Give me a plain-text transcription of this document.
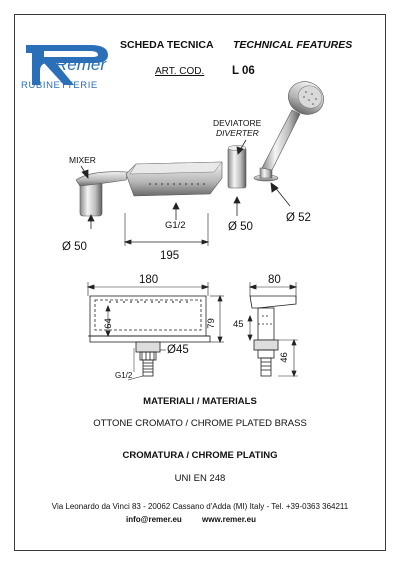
Remer
RUBINETTERIE
SCHEDA TECNICA TECHNICAL FEATURES
ART. COD. L 06
MIXER
DEVIATORE
DIVERTER
Ø 50
G1/2	Ø 50
Ø 52
195
180
64	79
Ø45
G1/2
80
45
46
MATERIALI / MATERIALS
OTTONE CROMATO / CHROME PLATED BRASS
CROMATURA / CHROME PLATING
UNI EN 248
Via Leonardo da Vinci 83 - 20062 Cassano d'Adda (MI) Italy - Tel. +39-0363 364211
info@remer.eu	www.remer.eu
